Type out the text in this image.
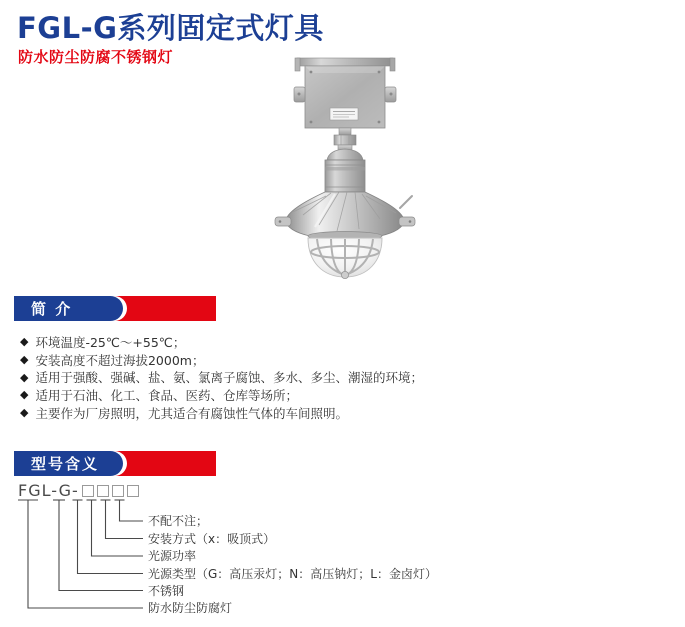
FGL-G系列固定式灯具
防水防尘防腐不锈钢灯
简 介
◆ 环境温度-25℃～+55℃；
◆ 安装高度不超过海拔2000m；
◆ 适用于强酸、强碱、盐、氨、氯离子腐蚀、多水、多尘、潮湿的环境；
◆ 适用于石油、化工、食品、医药、仓库等场所；
◆ 主要作为厂房照明，尤其适合有腐蚀性气体的车间照明。
型号含义
FGL-G-
不配不注；
安装方式（x：吸顶式）
光源功率
光源类型（G：高压汞灯；N：高压钠灯；L：金卤灯）
不锈钢
防水防尘防腐灯
